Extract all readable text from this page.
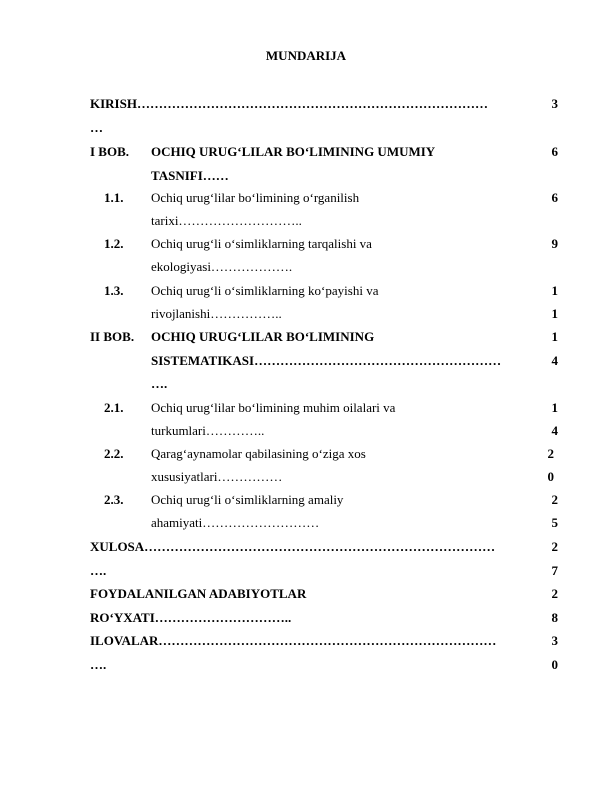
MUNDARIJA
KIRISH………………………………………………………………………	3
…
I BOB. OCHIQ URUG‘LILAR BO‘LIMINING UMUMIY	6
TASNIFI……
1.1. Ochiq urug‘lilar bo‘limining o‘rganilish	6
tarixi………………………..
1.2. Ochiq urug‘li o‘simliklarning tarqalishi va	9
ekologiyasi……………….
1.3. Ochiq urug‘li o‘simliklarning ko‘payishi va	1
rivojlanishi……………..	1
II BOB. OCHIQ URUG‘LILAR BO‘LIMINING	1
SISTEMATIKASI…………………………………………………	4
….
2.1. Ochiq urug‘lilar bo‘limining muhim oilalari va	1
turkumlari…………..	4
2.2. Qarag‘aynamolar qabilasining o‘ziga xos	2
xususiyatlari……………	0
2.3. Ochiq urug‘li o‘simliklarning amaliy	2
ahamiyati………………………	5
XULOSA………………………………………………………………………	2
….	7
FOYDALANILGAN ADABIYOTLAR	2
RO‘YXATI…………………………..	8
ILOVALAR……………………………………………………………………	3
….	0
